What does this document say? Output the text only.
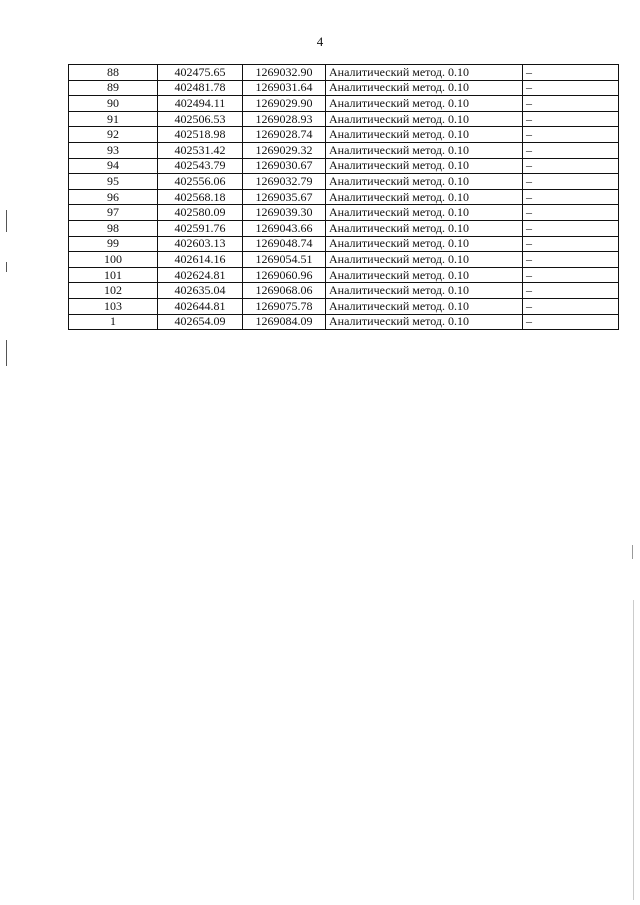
4
88	402475.65	1269032.90	Аналитический метод. 0.10	–
89	402481.78	1269031.64	Аналитический метод. 0.10	–
90	402494.11	1269029.90	Аналитический метод. 0.10	–
91	402506.53	1269028.93	Аналитический метод. 0.10	–
92	402518.98	1269028.74	Аналитический метод. 0.10	–
93	402531.42	1269029.32	Аналитический метод. 0.10	–
94	402543.79	1269030.67	Аналитический метод. 0.10	–
95	402556.06	1269032.79	Аналитический метод. 0.10	–
96	402568.18	1269035.67	Аналитический метод. 0.10	–
97	402580.09	1269039.30	Аналитический метод. 0.10	–
98	402591.76	1269043.66	Аналитический метод. 0.10	–
99	402603.13	1269048.74	Аналитический метод. 0.10	–
100	402614.16	1269054.51	Аналитический метод. 0.10	–
101	402624.81	1269060.96	Аналитический метод. 0.10	–
102	402635.04	1269068.06	Аналитический метод. 0.10	–
103	402644.81	1269075.78	Аналитический метод. 0.10	–
1	402654.09	1269084.09	Аналитический метод. 0.10	–
